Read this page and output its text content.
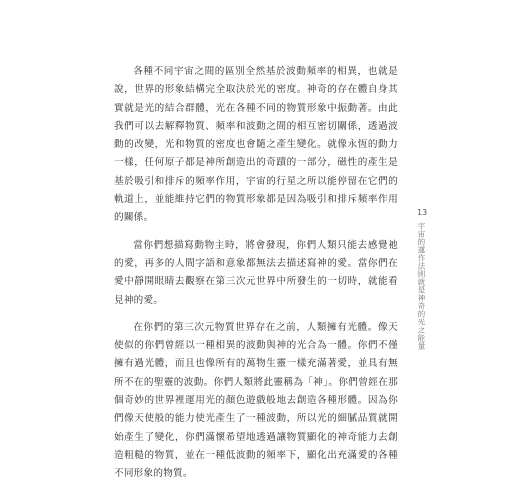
各種不同宇宙之間的區別全然基於波動頻率的相異，也就是說，世界的形象結構完全取決於光的密度。神奇的存在體自身其實就是光的結合群體，光在各種不同的物質形象中振動著。由此我們可以去解釋物質、頻率和波動之間的相互密切關係，透過波動的改變，光和物質的密度也會隨之產生變化。就像永恆的動力一樣，任何原子都是神所創造出的奇蹟的一部分，磁性的產生是基於吸引和排斥的頻率作用，宇宙的行星之所以能停留在它們的軌道上，並能維持它們的物質形象都是因為吸引和排斥頻率作用的關係。

當你們想描寫動物主時，將會發現，你們人類只能去感覺祂的愛，再多的人間字語和意象都無法去描述寫神的愛。當你們在愛中靜開眼睛去觀察在第三次元世界中所發生的一切時，就能看見神的愛。

在你們的第三次元物質世界存在之前，人類擁有光體。像天使似的你們曾經以一種相異的波動與神的光合為一體。你們不僅擁有過光體，而且也像所有的萬物生靈一樣充滿著愛，並具有無所不在的聖靈的波動。你們人類將此靈稱為「神」。你們曾經在那個奇妙的世界裡運用光的顏色遊戲般地去創造各種形體。因為你們像天使般的能力使光產生了一種波動，所以光的細膩品質就開始產生了變化，你們滿懷希望地透過讓物質顯化的神奇能力去創造粗糙的物質，並在一種低波動的頻率下，顯化出充滿愛的各種不同形象的物質。

13
宇宙的運作法則就是神奇的光之能量
